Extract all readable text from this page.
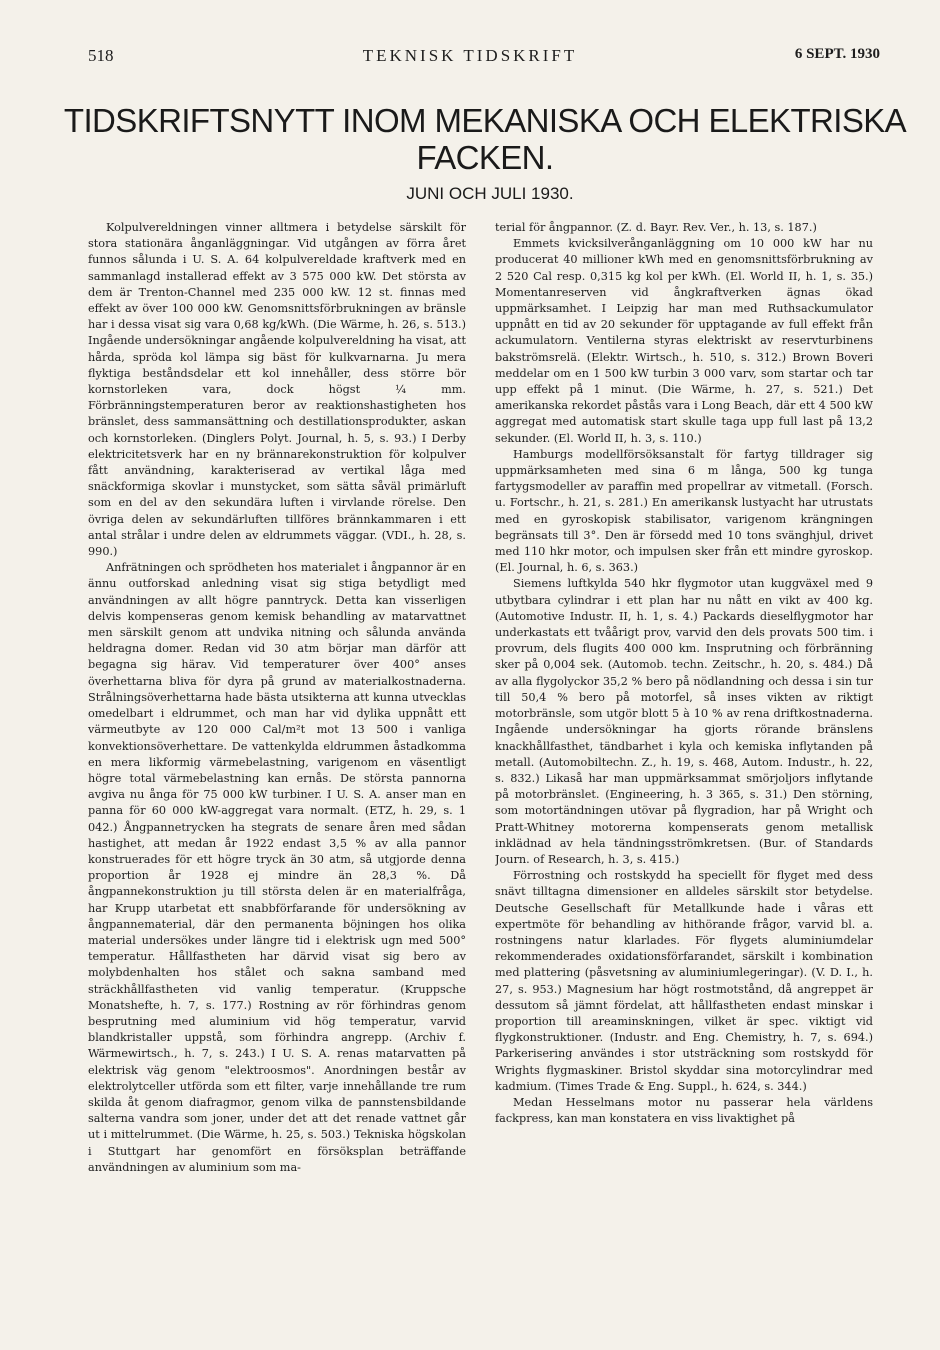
518	TEKNISK TIDSKRIFT	6 SEPT. 1930
TIDSKRIFTSNYTT INOM MEKANISKA OCH ELEKTRISKA FACKEN.
JUNI OCH JULI 1930.

Kolpulvereldningen vinner alltmera i betydelse särskilt för stora stationära ånganläggningar. Vid utgången av förra året funnos sålunda i U. S. A. 64 kolpulvereldade kraftverk med en sammanlagd installerad effekt av 3 575 000 kW. Det största av dem är Trenton-Channel med 235 000 kW. 12 st. finnas med effekt av över 100 000 kW. Genomsnittsförbrukningen av bränsle har i dessa visat sig vara 0,68 kg/kWh. (Die Wärme, h. 26, s. 513.) Ingående undersökningar angående kolpulvereldning ha visat, att hårda, spröda kol lämpa sig bäst för kulkvarnarna. Ju mera flyktiga beståndsdelar ett kol innehåller, dess större bör kornstorleken vara, dock högst ¼ mm. Förbränningstemperaturen beror av reaktionshastigheten hos bränslet, dess sammansättning och destillationsprodukter, askan och kornstorleken. (Dinglers Polyt. Journal, h. 5, s. 93.) I Derby elektricitetsverk har en ny brännarekonstruktion för kolpulver fått användning, karakteriserad av vertikal låga med snäckformiga skovlar i munstycket, som sätta såväl primärluft som en del av den sekundära luften i virvlande rörelse. Den övriga delen av sekundärluften tillföres brännkammaren i ett antal strålar i undre delen av eldrummets väggar. (VDI., h. 28, s. 990.)

Anfrätningen och sprödheten hos materialet i ångpannor är en ännu outforskad anledning visat sig stiga betydligt med användningen av allt högre panntryck. Detta kan visserligen delvis kompenseras genom kemisk behandling av matarvattnet men särskilt genom att undvika nitning och sålunda använda heldragna domer. Redan vid 30 atm börjar man därför att begagna sig härav. Vid temperaturer över 400° anses överhettarna bliva för dyra på grund av materialkostnaderna. Strålningsöverhettarna hade bästa utsikterna att kunna utvecklas omedelbart i eldrummet, och man har vid dylika uppnått ett värmeutbyte av 120 000 Cal/m²t mot 13 500 i vanliga konvektionsöverhettare. De vattenkylda eldrummen åstadkomma en mera likformig värmebelastning, varigenom en väsentligt högre total värmebelastning kan ernås. De största pannorna avgiva nu ånga för 75 000 kW turbiner. I U. S. A. anser man en panna för 60 000 kW-aggregat vara normalt. (ETZ, h. 29, s. 1 042.) Ångpannetrycken ha stegrats de senare åren med sådan hastighet, att medan år 1922 endast 3,5 % av alla pannor konstruerades för ett högre tryck än 30 atm, så utgjorde denna proportion år 1928 ej mindre än 28,3 %. Då ångpannekonstruktion ju till största delen är en materialfråga, har Krupp utarbetat ett snabbförfarande för undersökning av ångpannematerial, där den permanenta böjningen hos olika material undersökes under längre tid i elektrisk ugn med 500° temperatur. Hållfastheten har därvid visat sig bero av molybdenhalten hos stålet och sakna samband med sträckhållfastheten vid vanlig temperatur. (Kruppsche Monatshefte, h. 7, s. 177.) Rostning av rör förhindras genom besprutning med aluminium vid hög temperatur, varvid blandkristaller uppstå, som förhindra angrepp. (Archiv f. Wärmewirtsch., h. 7, s. 243.) I U. S. A. renas matarvatten på elektrisk väg genom "elektroosmos". Anordningen består av elektrolytceller utförda som ett filter, varje innehållande tre rum skilda åt genom diafragmor, genom vilka de pannstensbildande salterna vandra som joner, under det att det renade vattnet går ut i mittelrummet. (Die Wärme, h. 25, s. 503.) Tekniska högskolan i Stuttgart har genomfört en försöksplan beträffande användningen av aluminium som ma-

terial för ångpannor. (Z. d. Bayr. Rev. Ver., h. 13, s. 187.)

Emmets kvicksilverånganläggning om 10 000 kW har nu producerat 40 millioner kWh med en genomsnittsförbrukning av 2 520 Cal resp. 0,315 kg kol per kWh. (El. World II, h. 1, s. 35.) Momentanreserven vid ångkraftverken ägnas ökad uppmärksamhet. I Leipzig har man med Ruthsackumulator uppnått en tid av 20 sekunder för upptagande av full effekt från ackumulatorn. Ventilerna styras elektriskt av reservturbinens bakströmsrelä. (Elektr. Wirtsch., h. 510, s. 312.) Brown Boveri meddelar om en 1 500 kW turbin 3 000 varv, som startar och tar upp effekt på 1 minut. (Die Wärme, h. 27, s. 521.) Det amerikanska rekordet påstås vara i Long Beach, där ett 4 500 kW aggregat med automatisk start skulle taga upp full last på 13,2 sekunder. (El. World II, h. 3, s. 110.)

Hamburgs modellförsöksanstalt för fartyg tilldrager sig uppmärksamheten med sina 6 m långa, 500 kg tunga fartygsmodeller av paraffin med propellrar av vitmetall. (Forsch. u. Fortschr., h. 21, s. 281.) En amerikansk lustyacht har utrustats med en gyroskopisk stabilisator, varigenom krängningen begränsats till 3°. Den är försedd med 10 tons svänghjul, drivet med 110 hkr motor, och impulsen sker från ett mindre gyroskop. (El. Journal, h. 6, s. 363.)

Siemens luftkylda 540 hkr flygmotor utan kuggväxel med 9 utbytbara cylindrar i ett plan har nu nått en vikt av 400 kg. (Automotive Industr. II, h. 1, s. 4.) Packards dieselflygmotor har underkastats ett tvåårigt prov, varvid den dels provats 500 tim. i provrum, dels flugits 400 000 km. Insprutning och förbränning sker på 0,004 sek. (Automob. techn. Zeitschr., h. 20, s. 484.) Då av alla flygolyckor 35,2 % bero på nödlandning och dessa i sin tur till 50,4 % bero på motorfel, så inses vikten av riktigt motorbränsle, som utgör blott 5 à 10 % av rena driftkostnaderna. Ingående undersökningar ha gjorts rörande bränslens knackhållfasthet, tändbarhet i kyla och kemiska inflytanden på metall. (Automobiltechn. Z., h. 19, s. 468, Autom. Industr., h. 22, s. 832.) Likaså har man uppmärksammat smörjoljors inflytande på motorbränslet. (Engineering, h. 3 365, s. 31.) Den störning, som motortändningen utövar på flygradion, har på Wright och Pratt-Whitney motorerna kompenserats genom metallisk inklädnad av hela tändningsströmkretsen. (Bur. of Standards Journ. of Research, h. 3, s. 415.)

Förrostning och rostskydd ha speciellt för flyget med dess snävt tilltagna dimensioner en alldeles särskilt stor betydelse. Deutsche Gesellschaft für Metallkunde hade i våras ett expertmöte för behandling av hithörande frågor, varvid bl. a. rostningens natur klarlades. För flygets aluminiumdelar rekommenderades oxidationsförfarandet, särskilt i kombination med plattering (påsvetsning av aluminiumlegeringar). (V. D. I., h. 27, s. 953.) Magnesium har högt rostmotstånd, då angreppet är dessutom så jämnt fördelat, att hållfastheten endast minskar i proportion till areaminskningen, vilket är spec. viktigt vid flygkonstruktioner. (Industr. and Eng. Chemistry, h. 7, s. 694.) Parkerisering användes i stor utsträckning som rostskydd för Wrights flygmaskiner. Bristol skyddar sina motorcylindrar med kadmium. (Times Trade & Eng. Suppl., h. 624, s. 344.)

Medan Hesselmans motor nu passerar hela världens fackpress, kan man konstatera en viss livaktighet på
